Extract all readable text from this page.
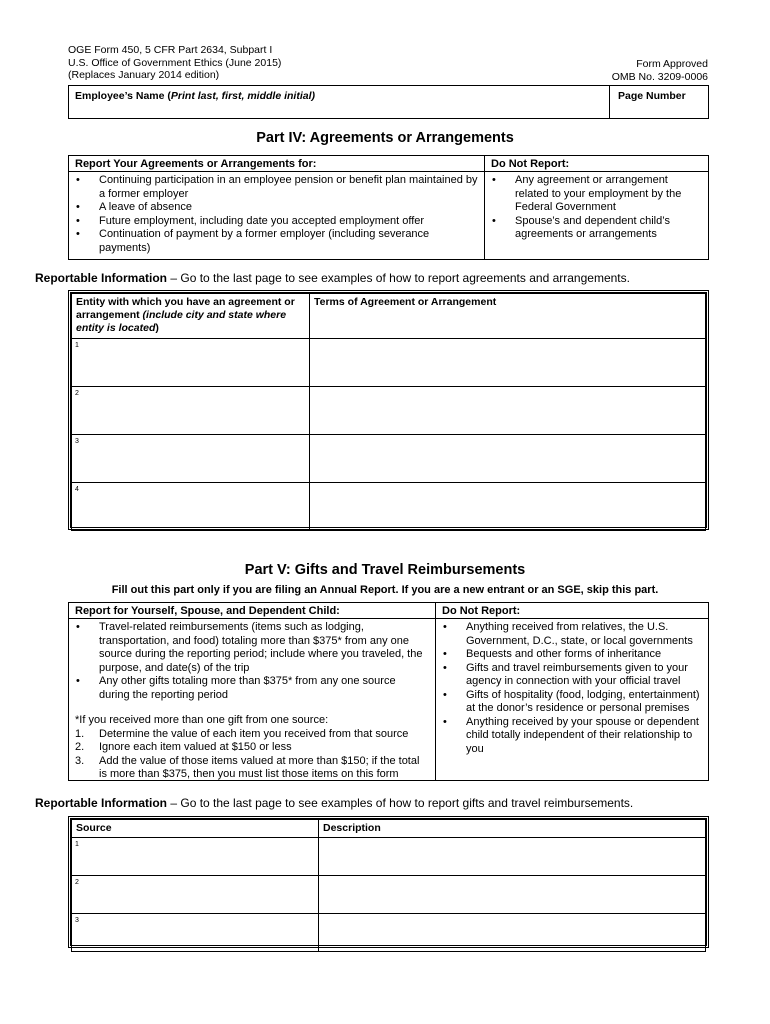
OGE Form 450, 5 CFR Part 2634, Subpart I
U.S. Office of Government Ethics (June 2015)
(Replaces January 2014 edition)
Form Approved
OMB No. 3209-0006
Employee’s Name (Print last, first, middle initial)	Page Number
Part IV: Agreements or Arrangements
Report Your Agreements or Arrangements for:
• Continuing participation in an employee pension or benefit plan maintained by a former employer
• A leave of absence
• Future employment, including date you accepted employment offer
• Continuation of payment by a former employer (including severance payments)
Do Not Report:
• Any agreement or arrangement related to your employment by the Federal Government
• Spouse’s and dependent child’s agreements or arrangements
Reportable Information – Go to the last page to see examples of how to report agreements and arrangements.
Entity with which you have an agreement or arrangement (include city and state where entity is located)	Terms of Agreement or Arrangement
1	
2	
3	
4	
Part V: Gifts and Travel Reimbursements
Fill out this part only if you are filing an Annual Report. If you are a new entrant or an SGE, skip this part.
Report for Yourself, Spouse, and Dependent Child:
• Travel-related reimbursements (items such as lodging, transportation, and food) totaling more than $375* from any one source during the reporting period; include where you traveled, the purpose, and date(s) of the trip
• Any other gifts totaling more than $375* from any one source during the reporting period
*If you received more than one gift from one source:
1. Determine the value of each item you received from that source
2. Ignore each item valued at $150 or less
3. Add the value of those items valued at more than $150; if the total is more than $375, then you must list those items on this form
Do Not Report:
• Anything received from relatives, the U.S. Government, D.C., state, or local governments
• Bequests and other forms of inheritance
• Gifts and travel reimbursements given to your agency in connection with your official travel
• Gifts of hospitality (food, lodging, entertainment) at the donor’s residence or personal premises
• Anything received by your spouse or dependent child totally independent of their relationship to you
Reportable Information – Go to the last page to see examples of how to report gifts and travel reimbursements.
Source	Description
1	
2	
3	
